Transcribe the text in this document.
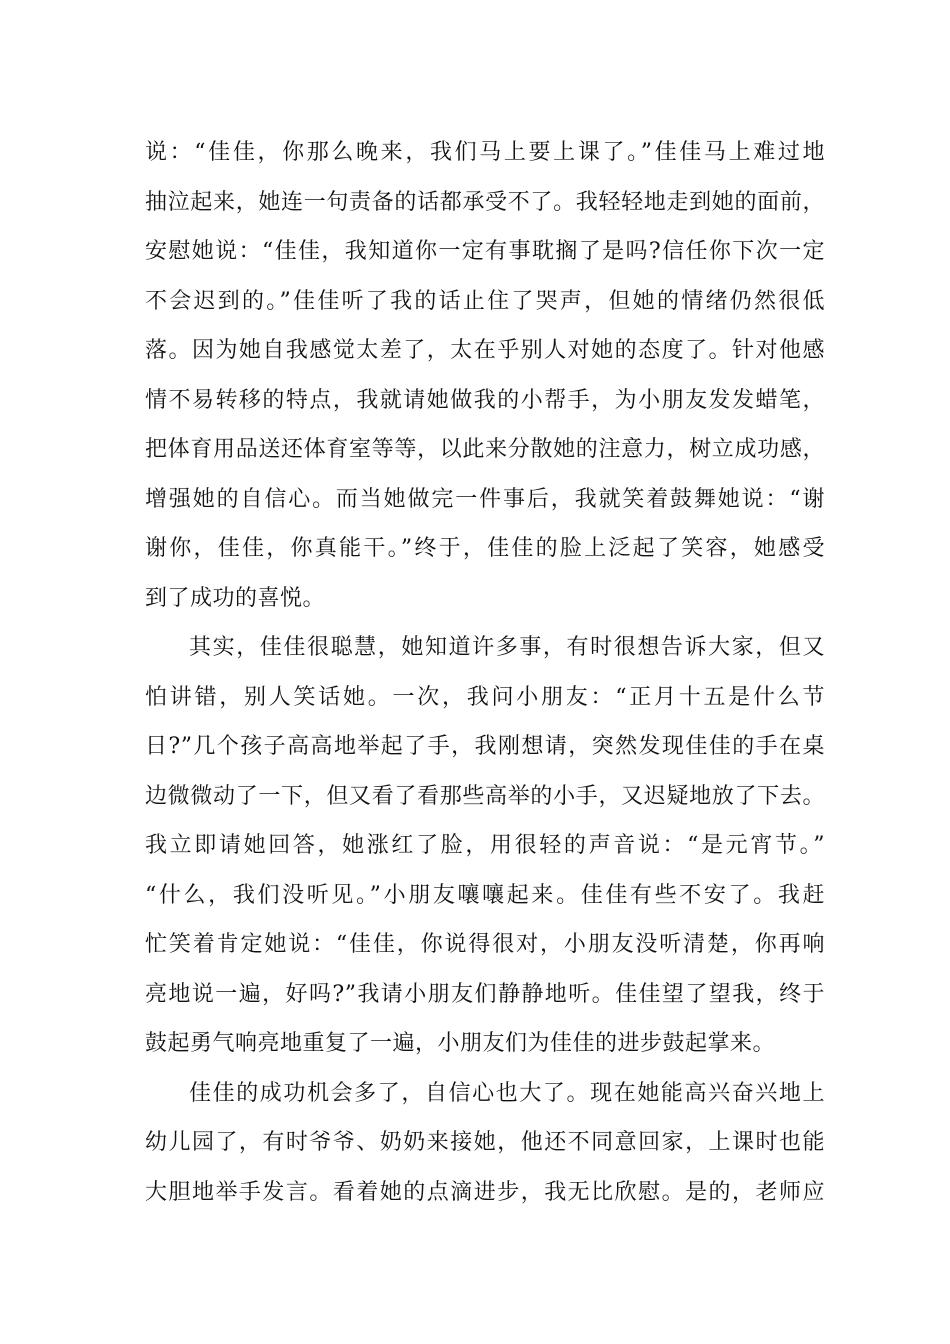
说：“佳佳，你那么晚来，我们马上要上课了。”佳佳马上难过地
抽泣起来，她连一句责备的话都承受不了。我轻轻地走到她的面前，
安慰她说：“佳佳，我知道你一定有事耽搁了是吗?信任你下次一定
不会迟到的。”佳佳听了我的话止住了哭声，但她的情绪仍然很低
落。因为她自我感觉太差了，太在乎别人对她的态度了。针对他感
情不易转移的特点，我就请她做我的小帮手，为小朋友发发蜡笔，
把体育用品送还体育室等等，以此来分散她的注意力，树立成功感，
增强她的自信心。而当她做完一件事后，我就笑着鼓舞她说：“谢
谢你，佳佳，你真能干。”终于，佳佳的脸上泛起了笑容，她感受
到了成功的喜悦。
其实，佳佳很聪慧，她知道许多事，有时很想告诉大家，但又
怕讲错，别人笑话她。一次，我问小朋友：“正月十五是什么节
日?”几个孩子高高地举起了手，我刚想请，突然发现佳佳的手在桌
边微微动了一下，但又看了看那些高举的小手，又迟疑地放了下去。
我立即请她回答，她涨红了脸，用很轻的声音说：“是元宵节。”
“什么，我们没听见。”小朋友嚷嚷起来。佳佳有些不安了。我赶
忙笑着肯定她说：“佳佳，你说得很对，小朋友没听清楚，你再响
亮地说一遍，好吗?”我请小朋友们静静地听。佳佳望了望我，终于
鼓起勇气响亮地重复了一遍，小朋友们为佳佳的进步鼓起掌来。
佳佳的成功机会多了，自信心也大了。现在她能高兴奋兴地上
幼儿园了，有时爷爷、奶奶来接她，他还不同意回家，上课时也能
大胆地举手发言。看着她的点滴进步，我无比欣慰。是的，老师应
